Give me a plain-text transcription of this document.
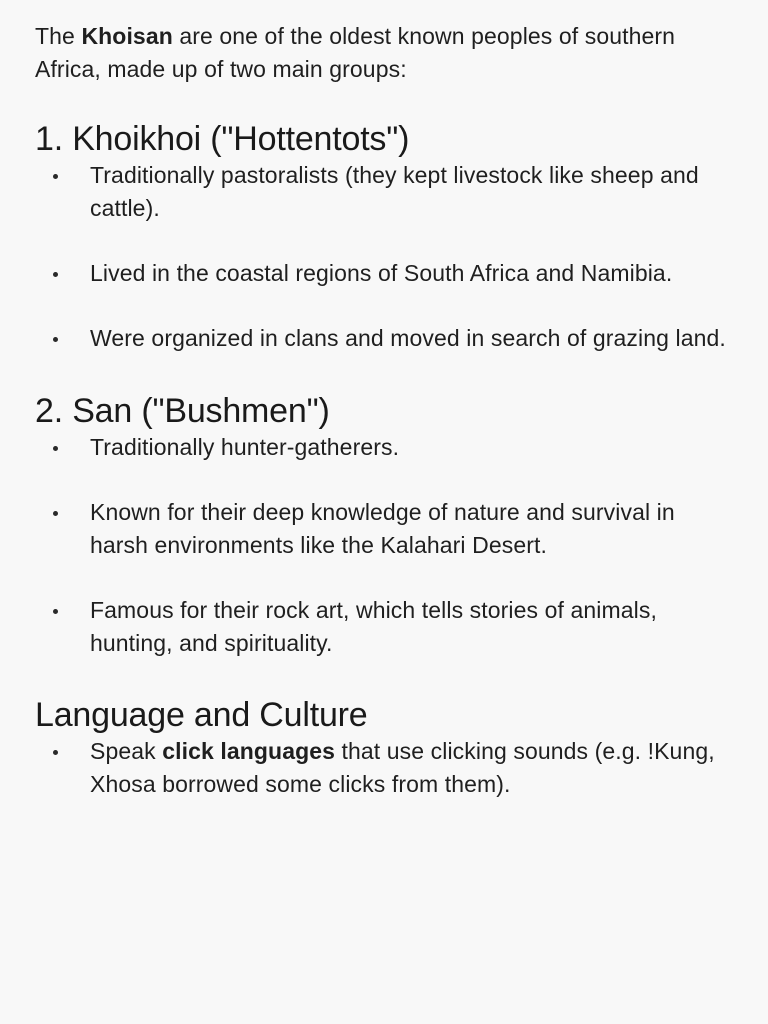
The Khoisan are one of the oldest known peoples of southern Africa, made up of two main groups:

1. Khoikhoi ("Hottentots")
Traditionally pastoralists (they kept livestock like sheep and cattle).
Lived in the coastal regions of South Africa and Namibia.
Were organized in clans and moved in search of grazing land.
2. San ("Bushmen")
Traditionally hunter-gatherers.
Known for their deep knowledge of nature and survival in harsh environments like the Kalahari Desert.
Famous for their rock art, which tells stories of animals, hunting, and spirituality.
Language and Culture
Speak click languages that use clicking sounds (e.g. !Kung, Xhosa borrowed some clicks from them).
